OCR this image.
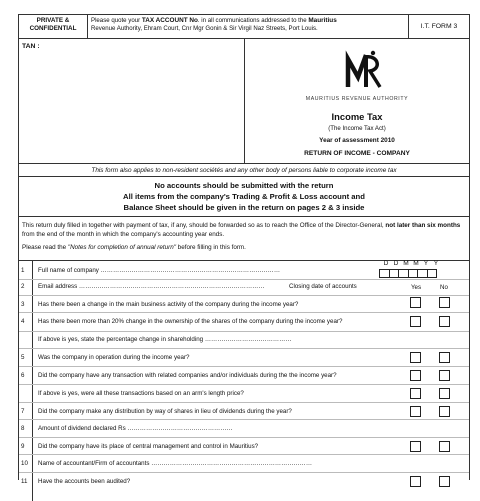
PRIVATE &
CONFIDENTIAL
Please quote your TAX ACCOUNT No. in all communications addressed to the Mauritius
Revenue Authority, Ehram Court, Cnr Mgr Gonin & Sir Virgil Naz Streets, Port Louis.	I.T. FORM 3
TAN :
MAURITIUS REVENUE AUTHORITY
Income Tax
(The Income Tax Act)
Year of assessment 2010
RETURN OF INCOME - COMPANY
This form also applies to non-resident sociétés and any other body of persons liable to corporate income tax
No accounts should be submitted with the return
All items from the company's Trading & Profit & Loss account and
Balance Sheet should be given in the return on pages 2 & 3 inside
This return duly filled in together with payment of tax, if any, should be forwarded so as to reach the Office of the Director-General, not later than six months from the end of the month in which the company's accounting year ends.
Please read the "Notes for completion of annual return" before filling in this form.
D D M M Y Y
Yes	No
1	Full name of company ……………………………………………………………………………
2	Email address ………………………………………………………………………………	Closing date of accounts
3	Has there been a change in the main business activity of the company during the income year?
4	Has there been more than 20% change in the ownership of the shares of the company during the income year?
If above is yes, state the percentage change in shareholding ……………………………………
5	Was the company in operation during the income year?
6	Did the company have any transaction with related companies and/or individuals during the the income year?
If above is yes, were all these transactions based on an arm's length price?
7	Did the company make any distribution by way of shares in lieu of dividends during the year?
8	Amount of dividend declared Rs ……………………………………………
9	Did the company have its place of central management and control in Mauritius?
10	Name of accountant/Firm of accountants ……………………………………………………………………
11	Have the accounts been audited?
